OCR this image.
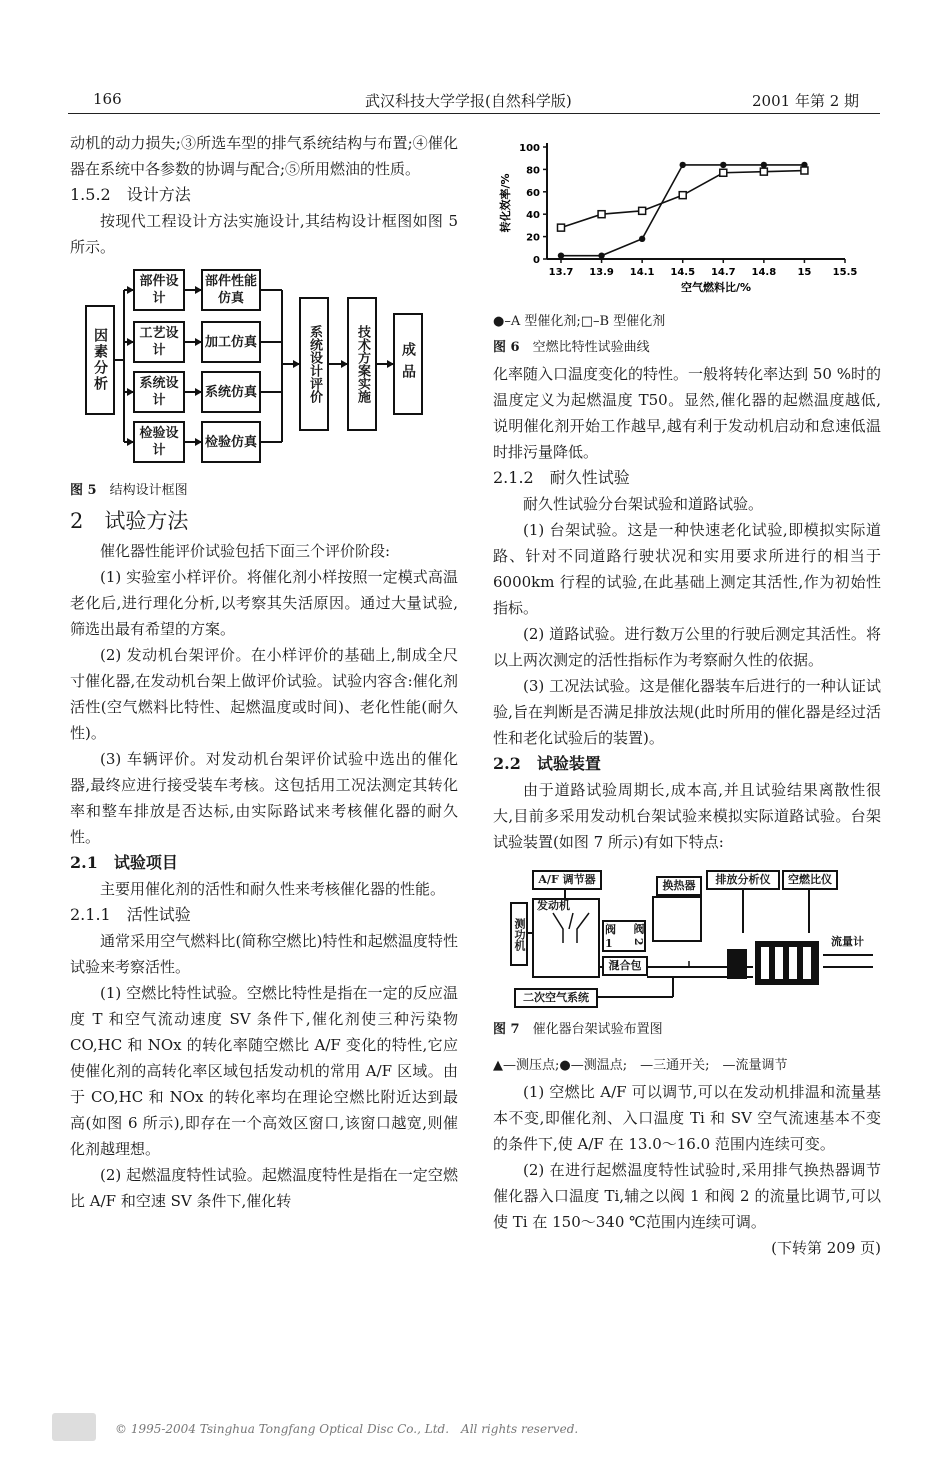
166	武汉科技大学学报(自然科学版)	2001 年第 2 期

动机的动力损失;③所选车型的排气系统结构与布置;④催化器在系统中各参数的协调与配合;⑤所用燃油的性质。

1.5.2　设计方法

按现代工程设计方法实施设计,其结构设计框图如图 5 所示。

因素分析
部件设计
工艺设计
系统设计
检验设计
部件性能仿真
加工仿真
系统仿真
检验仿真
系统设计评价	技术方案实施	成品

图 5　 结构设计框图

2　试验方法

催化器性能评价试验包括下面三个评价阶段:

(1) 实验室小样评价。将催化剂小样按照一定模式高温老化后,进行理化分析,以考察其失活原因。通过大量试验,筛选出最有希望的方案。

(2) 发动机台架评价。在小样评价的基础上,制成全尺寸催化器,在发动机台架上做评价试验。试验内容含:催化剂活性(空气燃料比特性、起燃温度或时间)、老化性能(耐久性)。

(3) 车辆评价。对发动机台架评价试验中选出的催化器,最终应进行接受装车考核。这包括用工况法测定其转化率和整车排放是否达标,由实际路试来考核催化器的耐久性。

2.1　试验项目

主要用催化剂的活性和耐久性来考核催化器的性能。

2.1.1　活性试验

通常采用空气燃料比(简称空燃比)特性和起燃温度特性试验来考察活性。

(1) 空燃比特性试验。空燃比特性是指在一定的反应温度 T 和空气流动速度 SV 条件下,催化剂使三种污染物 CO,HC 和 NOx 的转化率随空燃比 A/F 变化的特性,它应使催化剂的高转化率区域包括发动机的常用 A/F 区域。由于 CO,HC 和 NOx 的转化率均在理论空燃比附近达到最高(如图 6 所示),即存在一个高效区窗口,该窗口越宽,则催化剂越理想。

(2) 起燃温度特性试验。起燃温度特性是指在一定空燃比 A/F 和空速 SV 条件下,催化转

0
20
40
60
80
100
13.7 13.9 14.1 14.5 14.7 14.8 15 15.5
转化效率/%
空气燃料比/%

●–A 型催化剂;□–B 型催化剂

图 6　 空燃比特性试验曲线

化率随入口温度变化的特性。一般将转化率达到 50 %时的温度定义为起燃温度 T50。显然,催化器的起燃温度越低,说明催化剂开始工作越早,越有利于发动机启动和怠速低温时排污量降低。

2.1.2　耐久性试验

耐久性试验分台架试验和道路试验。

(1) 台架试验。这是一种快速老化试验,即模拟实际道路、针对不同道路行驶状况和实用要求所进行的相当于 6000km 行程的试验,在此基础上测定其活性,作为初始性指标。

(2) 道路试验。进行数万公里的行驶后测定其活性。将以上两次测定的活性指标作为考察耐久性的依据。

(3) 工况法试验。这是催化器装车后进行的一种认证试验,旨在判断是否满足排放法规(此时所用的催化器是经过活性和老化试验后的装置)。

2.2　试验装置

由于道路试验周期长,成本高,并且试验结果离散性很大,目前多采用发动机台架试验来模拟实际道路试验。台架试验装置(如图 7 所示)有如下特点:

A/F 调节器	换热器	排放分析仪	空燃比仪
测功机
发动机
阀 1	阀 2
混合包
流量计
二次空气系统

图 7　 催化器台架试验布置图

▲—测压点;●—测温点;　—三通开关;　—流量调节

(1) 空燃比 A/F 可以调节,可以在发动机排温和流量基本不变,即催化剂、入口温度 Ti 和 SV 空气流速基本不变的条件下,使 A/F 在 13.0～16.0 范围内连续可变。

(2) 在进行起燃温度特性试验时,采用排气换热器调节催化器入口温度 Ti,辅之以阀 1 和阀 2 的流量比调节,可以使 Ti 在 150～340 ℃范围内连续可调。
(下转第 209 页)

© 1995-2004 Tsinghua Tongfang Optical Disc Co., Ltd.　All rights reserved.
